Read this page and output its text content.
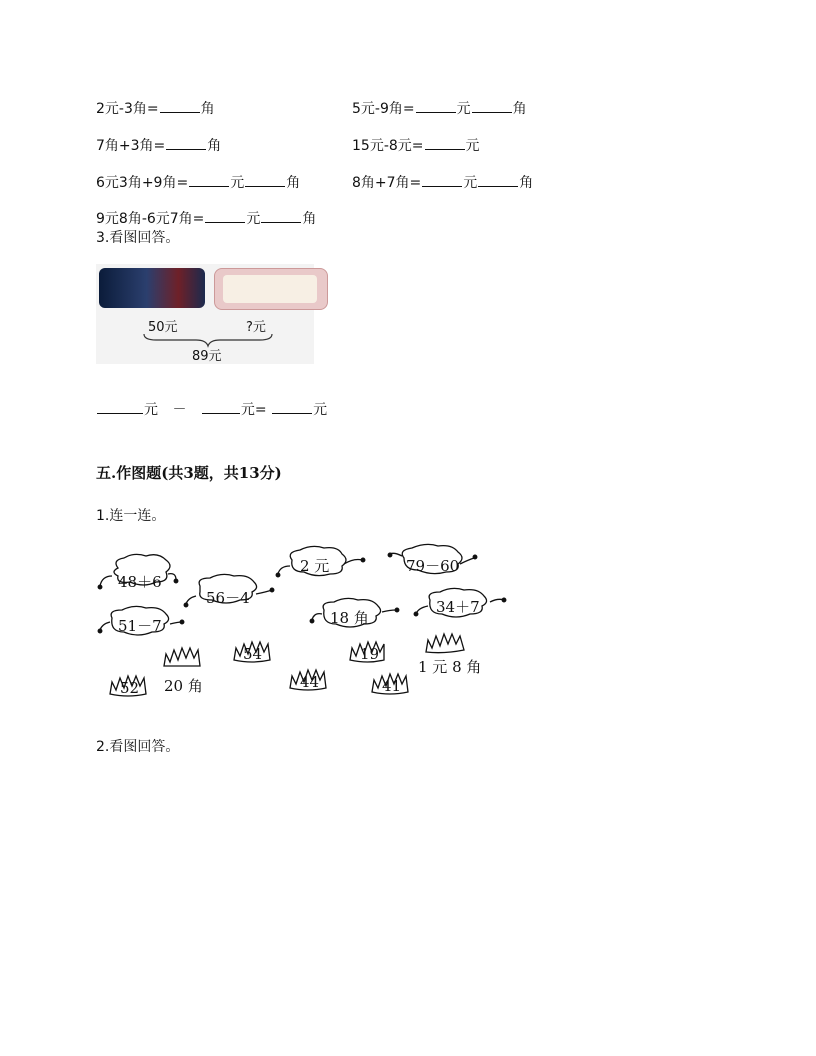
2元-3角=	角	5元-9角=	元	角
7角+3角=	角	15元-8元=	元
6元3角+9角=	元	角	8角+7角=	元	角
9元8角-6元7角=	元	角
3.看图回答。
50元	?元
89元
元 －	元=	元
五.作图题(共3题，共13分)
1.连一连。
48＋6
56－4
2 元	79－60
51－7	18 角
34＋7
20 角
54	19
1 元 8 角
52	44	41
2.看图回答。
